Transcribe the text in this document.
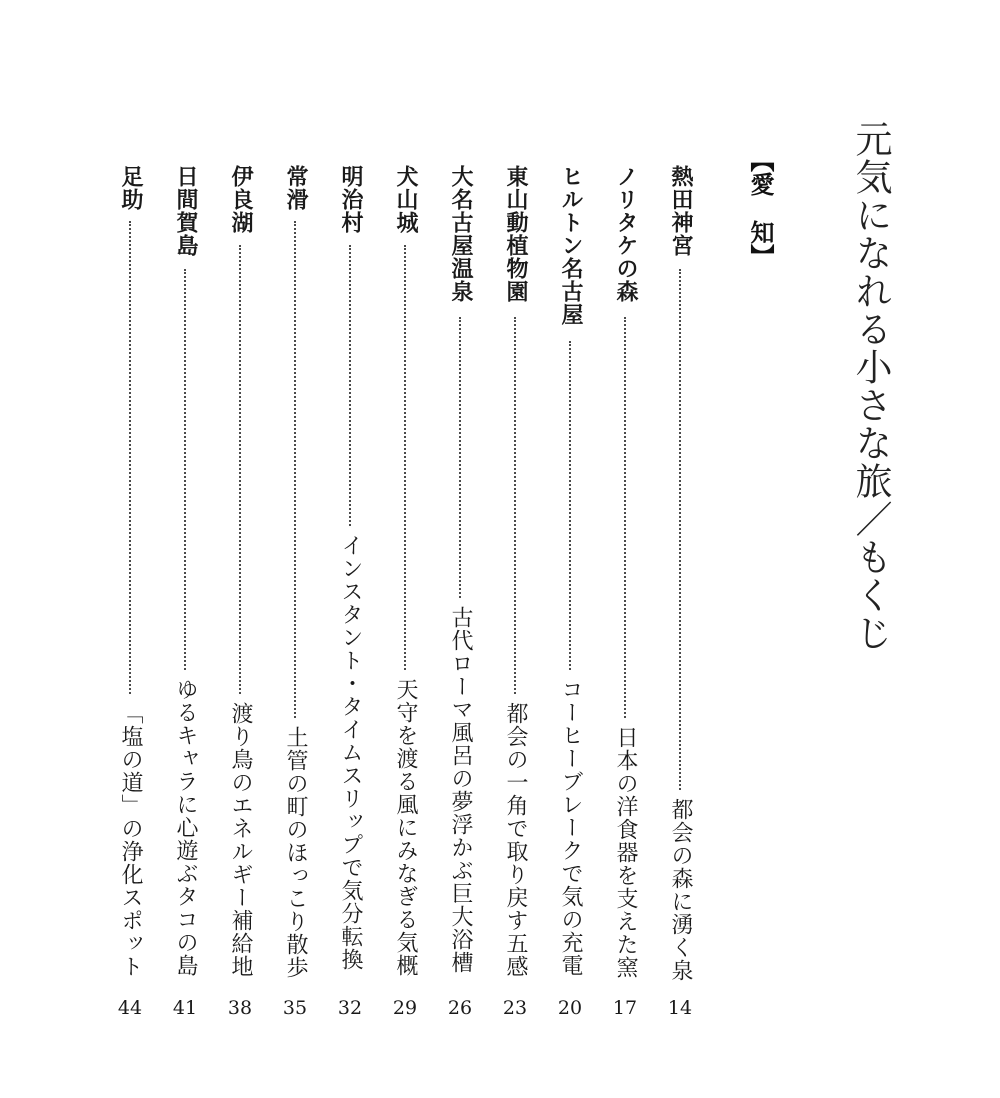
元気になれる小さな旅／もくじ
【愛　知】
熱田神宮
都会の森に湧く泉
14
ノリタケの森
日本の洋食器を支えた窯
17
ヒルトン名古屋
コーヒーブレークで気の充電
20
東山動植物園
都会の一角で取り戻す五感
23
大名古屋温泉
古代ローマ風呂の夢浮かぶ巨大浴槽
26
犬山城
天守を渡る風にみなぎる気概
29
明治村
インスタント・タイムスリップで気分転換
32
常滑
土管の町のほっこり散歩
35
伊良湖
渡り鳥のエネルギー補給地
38
日間賀島
ゆるキャラに心遊ぶタコの島
41
足助
「塩の道」の浄化スポット
44
